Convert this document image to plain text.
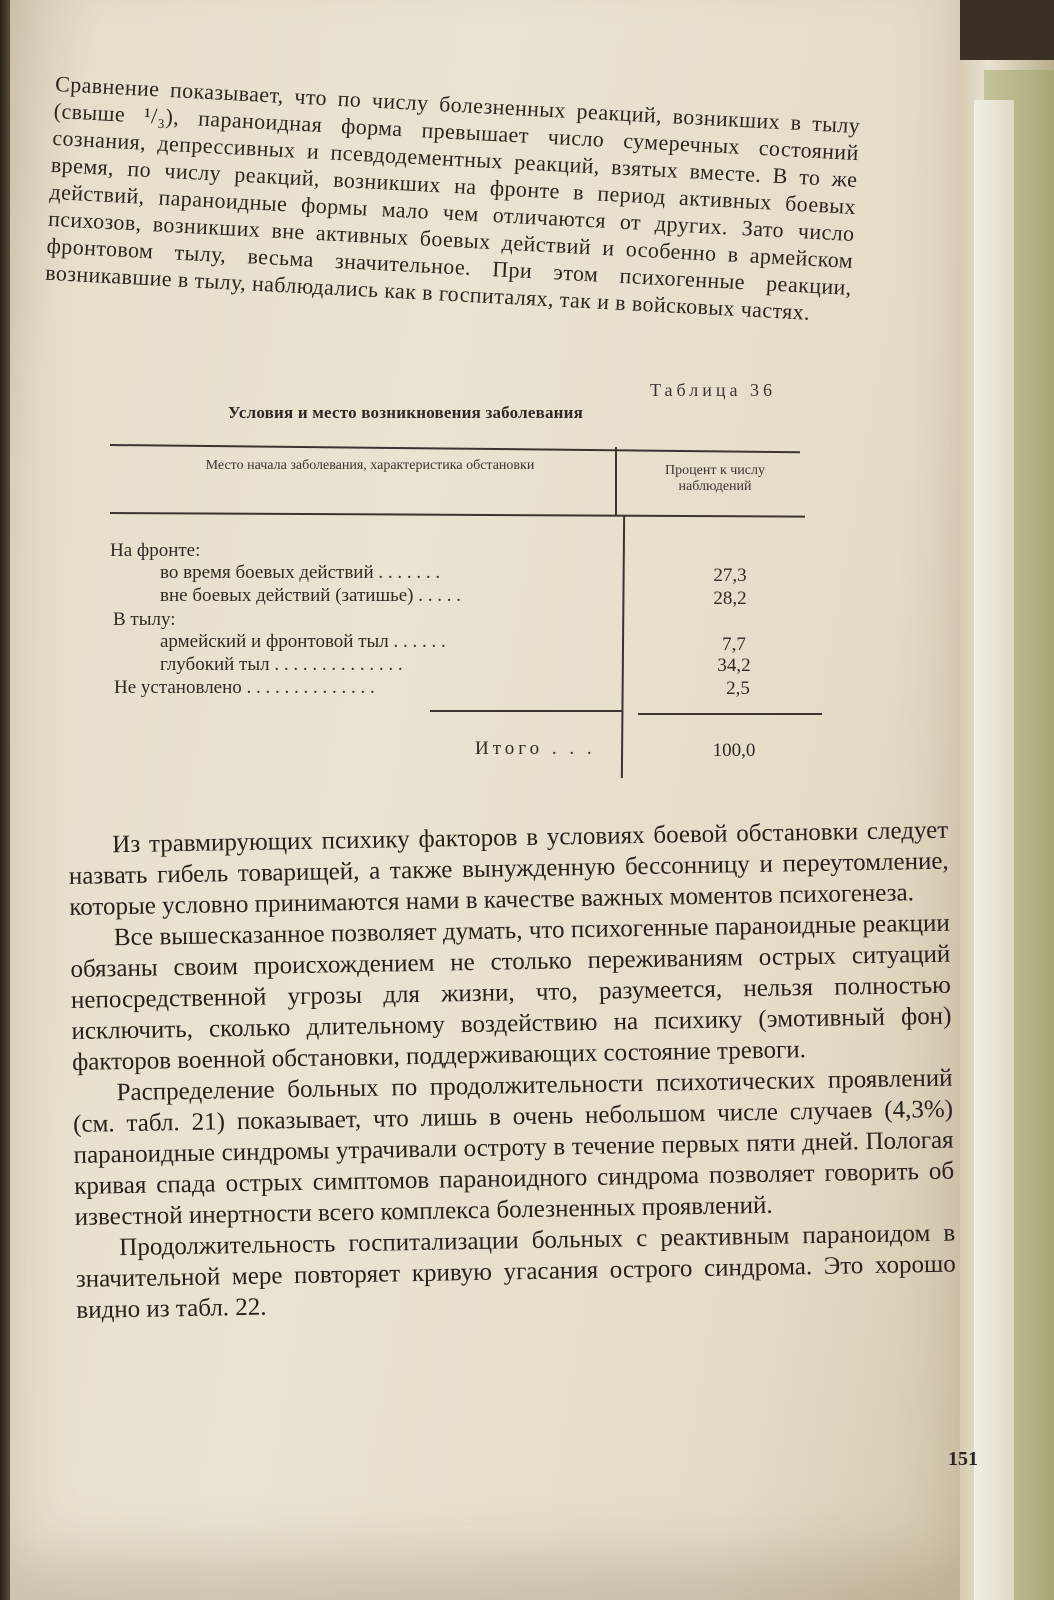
Сравнение показывает, что по числу болезненных реакций, возникших в тылу (свыше ¹/₃), параноидная форма превышает число сумеречных состояний сознания, депрессивных и псевдодементных реакций, взятых вместе. В то же время, по числу реакций, возникших на фронте в период активных боевых действий, параноидные формы мало чем отличаются от других. Зато число психозов, возникших вне активных боевых действий и особенно в армейском фронтовом тылу, весьма значительное. При этом психогенные реакции, возникавшие в тылу, наблюдались как в госпиталях, так и в войсковых частях.

Таблица 36
Условия и место возникновения заболевания
Место начала заболевания, характеристика обстановки	Процент к числу наблюдений
На фронте:
во время боевых действий . . . . . . .	27,3
вне боевых действий (затишье) . . . . .	28,2
В тылу:
армейский и фронтовой тыл . . . . . .	7,7
глубокий тыл . . . . . . . . . . . . . .	34,2
Не установлено . . . . . . . . . . . . . .	2,5
Итого . . .	100,0

Из травмирующих психику факторов в условиях боевой обстановки следует назвать гибель товарищей, а также вынужденную бессонницу и переутомление, которые условно принимаются нами в качестве важных моментов психогенеза.

Все вышесказанное позволяет думать, что психогенные параноидные реакции обязаны своим происхождением не столько переживаниям острых ситуаций непосредственной угрозы для жизни, что, разумеется, нельзя полностью исключить, сколько длительному воздействию на психику (эмотивный фон) факторов военной обстановки, поддерживающих состояние тревоги.

Распределение больных по продолжительности психотических проявлений (см. табл. 21) показывает, что лишь в очень небольшом числе случаев (4,3%) параноидные синдромы утрачивали остроту в течение первых пяти дней. Пологая кривая спада острых симптомов параноидного синдрома позволяет говорить об известной инертности всего комплекса болезненных проявлений.

Продолжительность госпитализации больных с реактивным параноидом в значительной мере повторяет кривую угасания острого синдрома. Это хорошо видно из табл. 22.

151
